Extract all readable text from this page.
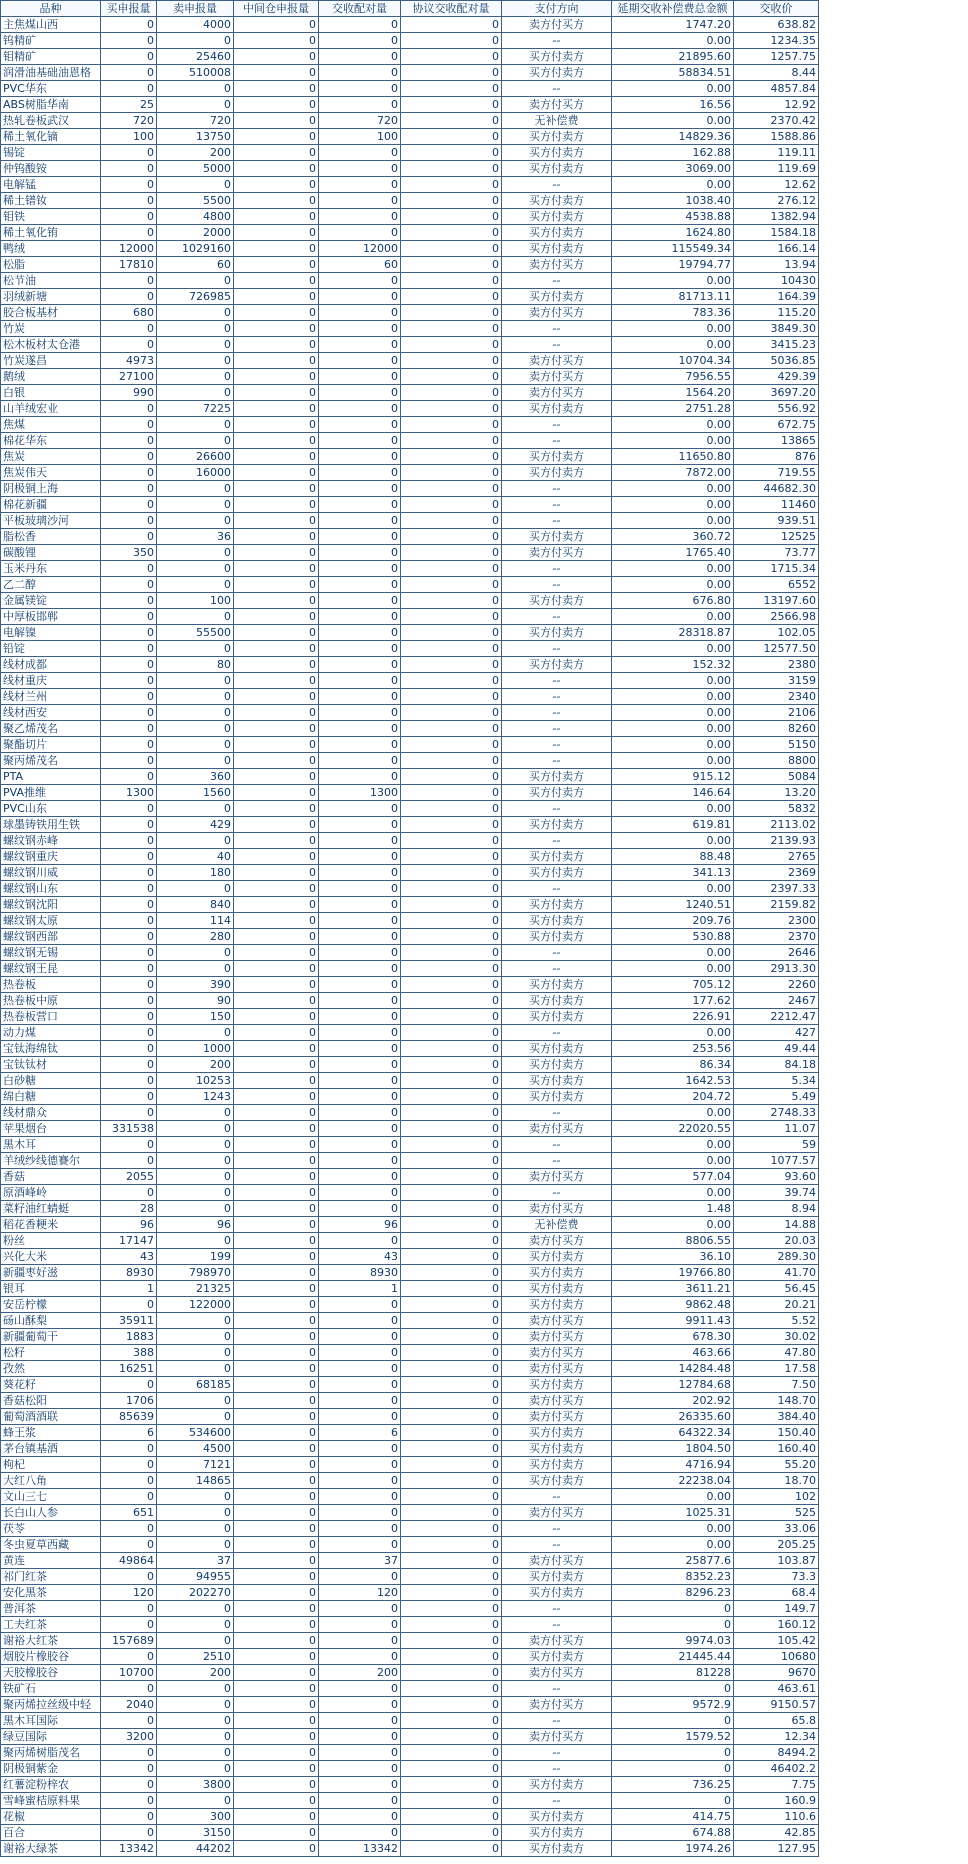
品种	买申报量	卖申报量	中间仓申报量	交收配对量	协议交收配对量	支付方向	延期交收补偿费总金额	交收价
主焦煤山西	0	4000	0	0	0	卖方付买方	1747.20	638.82
钨精矿	0	0	0	0	0	--	0.00	1234.35
钼精矿	0	25460	0	0	0	买方付卖方	21895.60	1257.75
润滑油基础油恩格	0	510008	0	0	0	买方付卖方	58834.51	8.44
PVC华东	0	0	0	0	0	--	0.00	4857.84
ABS树脂华南	25	0	0	0	0	卖方付买方	16.56	12.92
热轧卷板武汉	720	720	0	720	0	无补偿费	0.00	2370.42
稀土氧化镝	100	13750	0	100	0	买方付卖方	14829.36	1588.86
锡锭	0	200	0	0	0	买方付卖方	162.88	119.11
仲钨酸铵	0	5000	0	0	0	买方付卖方	3069.00	119.69
电解锰	0	0	0	0	0	--	0.00	12.62
稀土镨钕	0	5500	0	0	0	买方付卖方	1038.40	276.12
钼铁	0	4800	0	0	0	买方付卖方	4538.88	1382.94
稀土氧化铕	0	2000	0	0	0	买方付卖方	1624.80	1584.18
鸭绒	12000	1029160	0	12000	0	买方付卖方	115549.34	166.14
松脂	17810	60	0	60	0	卖方付买方	19794.77	13.94
松节油	0	0	0	0	0	--	0.00	10430
羽绒新塘	0	726985	0	0	0	买方付卖方	81713.11	164.39
胶合板基材	680	0	0	0	0	卖方付买方	783.36	115.20
竹炭	0	0	0	0	0	--	0.00	3849.30
松木板材太仓港	0	0	0	0	0	--	0.00	3415.23
竹炭遂昌	4973	0	0	0	0	卖方付买方	10704.34	5036.85
鹅绒	27100	0	0	0	0	卖方付买方	7956.55	429.39
白银	990	0	0	0	0	卖方付买方	1564.20	3697.20
山羊绒宏业	0	7225	0	0	0	买方付卖方	2751.28	556.92
焦煤	0	0	0	0	0	--	0.00	672.75
棉花华东	0	0	0	0	0	--	0.00	13865
焦炭	0	26600	0	0	0	买方付卖方	11650.80	876
焦炭伟天	0	16000	0	0	0	买方付卖方	7872.00	719.55
阴极铜上海	0	0	0	0	0	--	0.00	44682.30
棉花新疆	0	0	0	0	0	--	0.00	11460
平板玻璃沙河	0	0	0	0	0	--	0.00	939.51
脂松香	0	36	0	0	0	买方付卖方	360.72	12525
碳酸锂	350	0	0	0	0	卖方付买方	1765.40	73.77
玉米丹东	0	0	0	0	0	--	0.00	1715.34
乙二醇	0	0	0	0	0	--	0.00	6552
金属镁锭	0	100	0	0	0	买方付卖方	676.80	13197.60
中厚板邯郸	0	0	0	0	0	--	0.00	2566.98
电解镍	0	55500	0	0	0	买方付卖方	28318.87	102.05
铅锭	0	0	0	0	0	--	0.00	12577.50
线材成都	0	80	0	0	0	买方付卖方	152.32	2380
线材重庆	0	0	0	0	0	--	0.00	3159
线材兰州	0	0	0	0	0	--	0.00	2340
线材西安	0	0	0	0	0	--	0.00	2106
聚乙烯茂名	0	0	0	0	0	--	0.00	8260
聚酯切片	0	0	0	0	0	--	0.00	5150
聚丙烯茂名	0	0	0	0	0	--	0.00	8800
PTA	0	360	0	0	0	买方付卖方	915.12	5084
PVA推维	1300	1560	0	1300	0	买方付卖方	146.64	13.20
PVC山东	0	0	0	0	0	--	0.00	5832
球墨铸铁用生铁	0	429	0	0	0	买方付卖方	619.81	2113.02
螺纹钢赤峰	0	0	0	0	0	--	0.00	2139.93
螺纹钢重庆	0	40	0	0	0	买方付卖方	88.48	2765
螺纹钢川威	0	180	0	0	0	买方付卖方	341.13	2369
螺纹钢山东	0	0	0	0	0	--	0.00	2397.33
螺纹钢沈阳	0	840	0	0	0	买方付卖方	1240.51	2159.82
螺纹钢太原	0	114	0	0	0	买方付卖方	209.76	2300
螺纹钢西部	0	280	0	0	0	买方付卖方	530.88	2370
螺纹钢无锡	0	0	0	0	0	--	0.00	2646
螺纹钢王昆	0	0	0	0	0	--	0.00	2913.30
热卷板	0	390	0	0	0	买方付卖方	705.12	2260
热卷板中原	0	90	0	0	0	买方付卖方	177.62	2467
热卷板营口	0	150	0	0	0	买方付卖方	226.91	2212.47
动力煤	0	0	0	0	0	--	0.00	427
宝钛海绵钛	0	1000	0	0	0	买方付卖方	253.56	49.44
宝钛钛材	0	200	0	0	0	买方付卖方	86.34	84.18
白砂糖	0	10253	0	0	0	买方付卖方	1642.53	5.34
绵白糖	0	1243	0	0	0	买方付卖方	204.72	5.49
线材鼎众	0	0	0	0	0	--	0.00	2748.33
苹果烟台	331538	0	0	0	0	卖方付买方	22020.55	11.07
黑木耳	0	0	0	0	0	--	0.00	59
羊绒纱线德賽尔	0	0	0	0	0	--	0.00	1077.57
香菇	2055	0	0	0	0	卖方付买方	577.04	93.60
原酒峰岭	0	0	0	0	0	--	0.00	39.74
菜籽油红蜻蜓	28	0	0	0	0	卖方付买方	1.48	8.94
稻花香粳米	96	96	0	96	0	无补偿费	0.00	14.88
粉丝	17147	0	0	0	0	卖方付买方	8806.55	20.03
兴化大米	43	199	0	43	0	买方付卖方	36.10	289.30
新疆枣好滋	8930	798970	0	8930	0	买方付卖方	19766.80	41.70
银耳	1	21325	0	1	0	买方付卖方	3611.21	56.45
安岳柠檬	0	122000	0	0	0	买方付卖方	9862.48	20.21
砀山酥梨	35911	0	0	0	0	卖方付买方	9911.43	5.52
新疆葡萄干	1883	0	0	0	0	卖方付买方	678.30	30.02
松籽	388	0	0	0	0	卖方付买方	463.66	47.80
孜然	16251	0	0	0	0	卖方付买方	14284.48	17.58
葵花籽	0	68185	0	0	0	买方付卖方	12784.68	7.50
香菇松阳	1706	0	0	0	0	卖方付买方	202.92	148.70
葡萄酒酒联	85639	0	0	0	0	卖方付买方	26335.60	384.40
蜂王浆	6	534600	0	6	0	买方付卖方	64322.34	150.40
茅台镇基酒	0	4500	0	0	0	买方付卖方	1804.50	160.40
枸杞	0	7121	0	0	0	买方付卖方	4716.94	55.20
大红八角	0	14865	0	0	0	买方付卖方	22238.04	18.70
文山三七	0	0	0	0	0	--	0.00	102
长白山人参	651	0	0	0	0	卖方付买方	1025.31	525
茯苓	0	0	0	0	0	--	0.00	33.06
冬虫夏草西藏	0	0	0	0	0	--	0.00	205.25
黄连	49864	37	0	37	0	卖方付买方	25877.6	103.87
祁门红茶	0	94955	0	0	0	买方付卖方	8352.23	73.3
安化黑茶	120	202270	0	120	0	买方付卖方	8296.23	68.4
普洱茶	0	0	0	0	0	--	0	149.7
工夫红茶	0	0	0	0	0	--	0	160.12
谢裕大红茶	157689	0	0	0	0	卖方付买方	9974.03	105.42
烟胶片橡胶谷	0	2510	0	0	0	买方付卖方	21445.44	10680
天胶橡胶谷	10700	200	0	200	0	卖方付买方	81228	9670
铁矿石	0	0	0	0	0	--	0	463.61
聚丙烯拉丝级中轻	2040	0	0	0	0	卖方付买方	9572.9	9150.57
黑木耳国际	0	0	0	0	0	--	0	65.8
绿豆国际	3200	0	0	0	0	卖方付买方	1579.52	12.34
聚丙烯树脂茂名	0	0	0	0	0	--	0	8494.2
阴极铜紫金	0	0	0	0	0	--	0	46402.2
红薯淀粉梓农	0	3800	0	0	0	买方付卖方	736.25	7.75
雪峰蜜桔原料果	0	0	0	0	0	--	0	160.9
花椒	0	300	0	0	0	买方付卖方	414.75	110.6
百合	0	3150	0	0	0	买方付卖方	674.88	42.85
谢裕大绿茶	13342	44202	0	13342	0	买方付卖方	1974.26	127.95
